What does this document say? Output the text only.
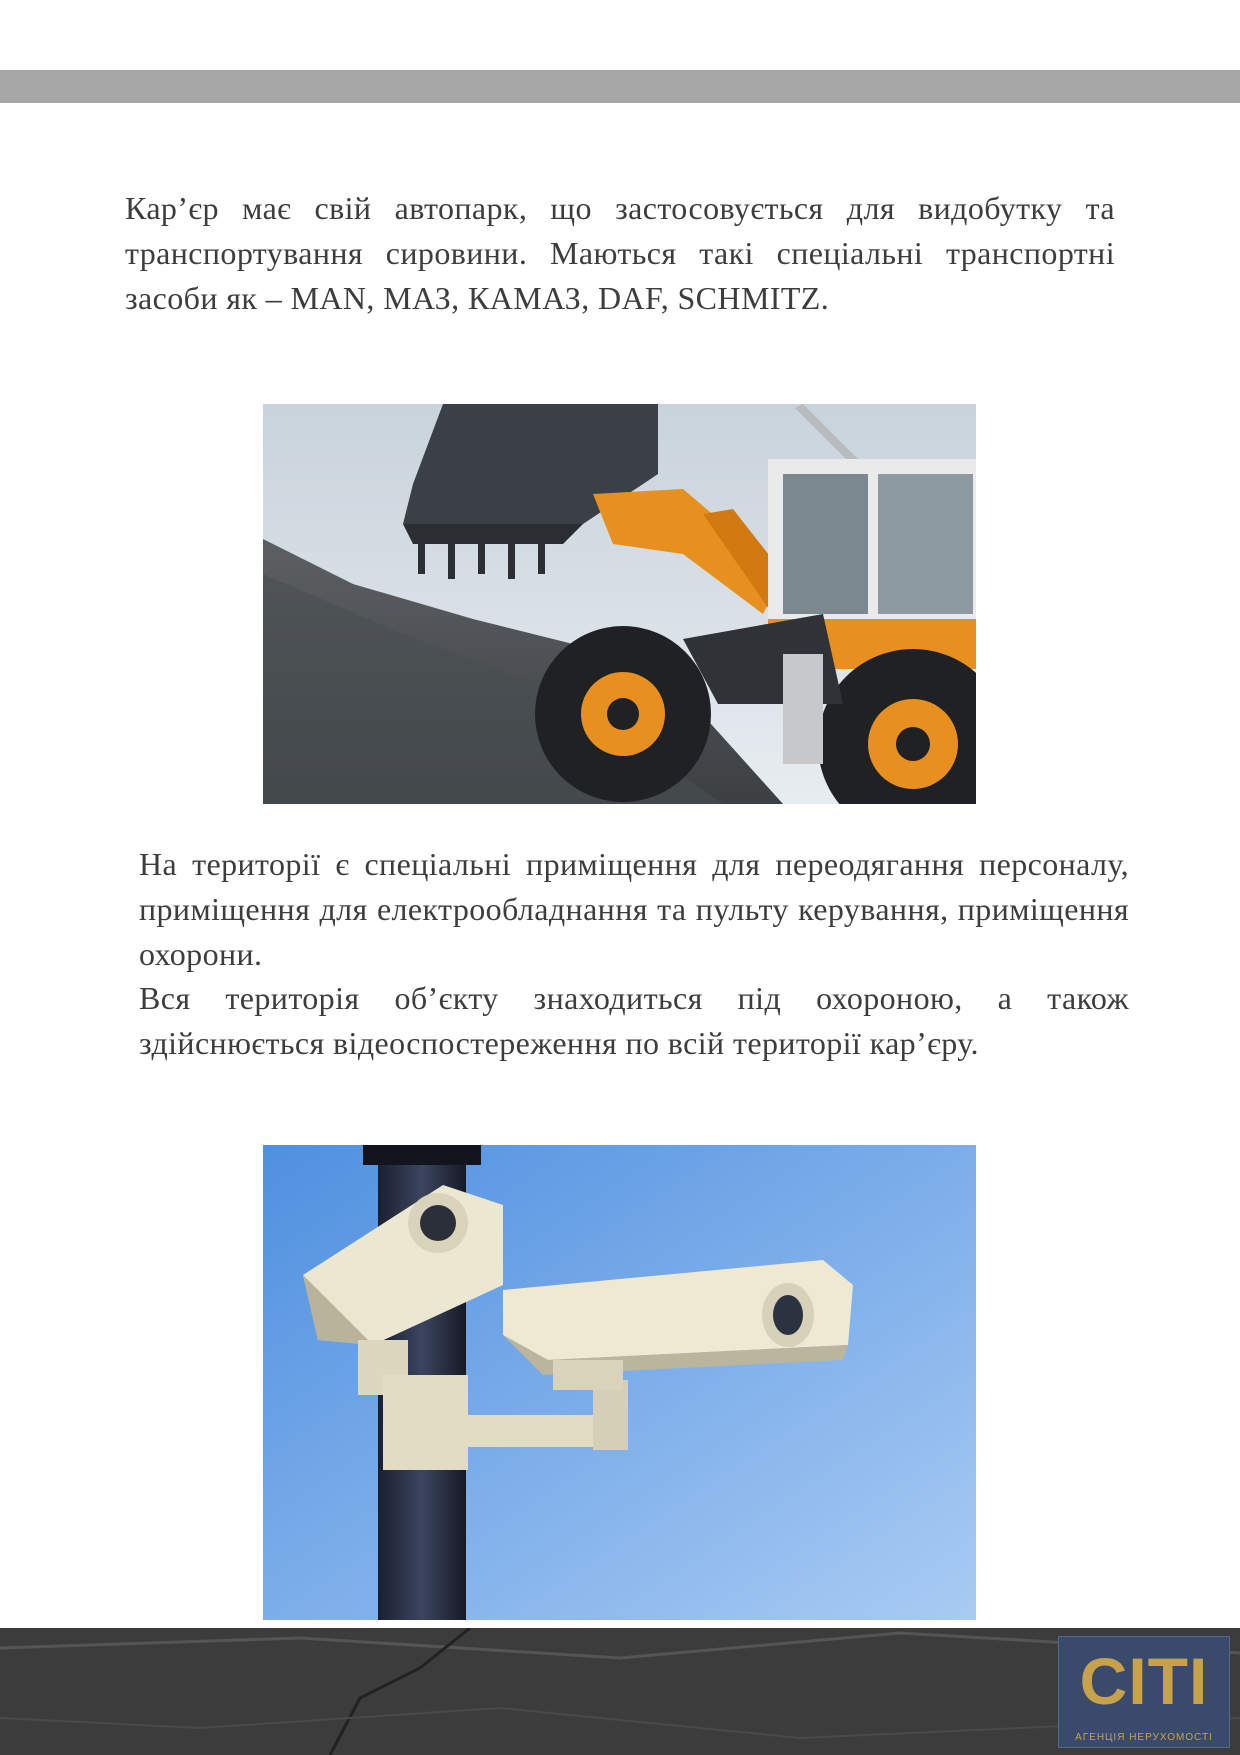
Кар’єр має свій автопарк, що застосовується для видобутку та транспортування сировини. Маються такі спеціальні транспортні засоби як – MAN, МАЗ, КАМАЗ, DAF, SCHMITZ.

На території є спеціальні приміщення для переодягання персоналу, приміщення для електрообладнання та пульту керування, приміщення охорони.

Вся територія об’єкту знаходиться під охороною, а також здійснюється відеоспостереження по всій території кар’єру.

CITI
АГЕНЦІЯ НЕРУХОМОСТІ
